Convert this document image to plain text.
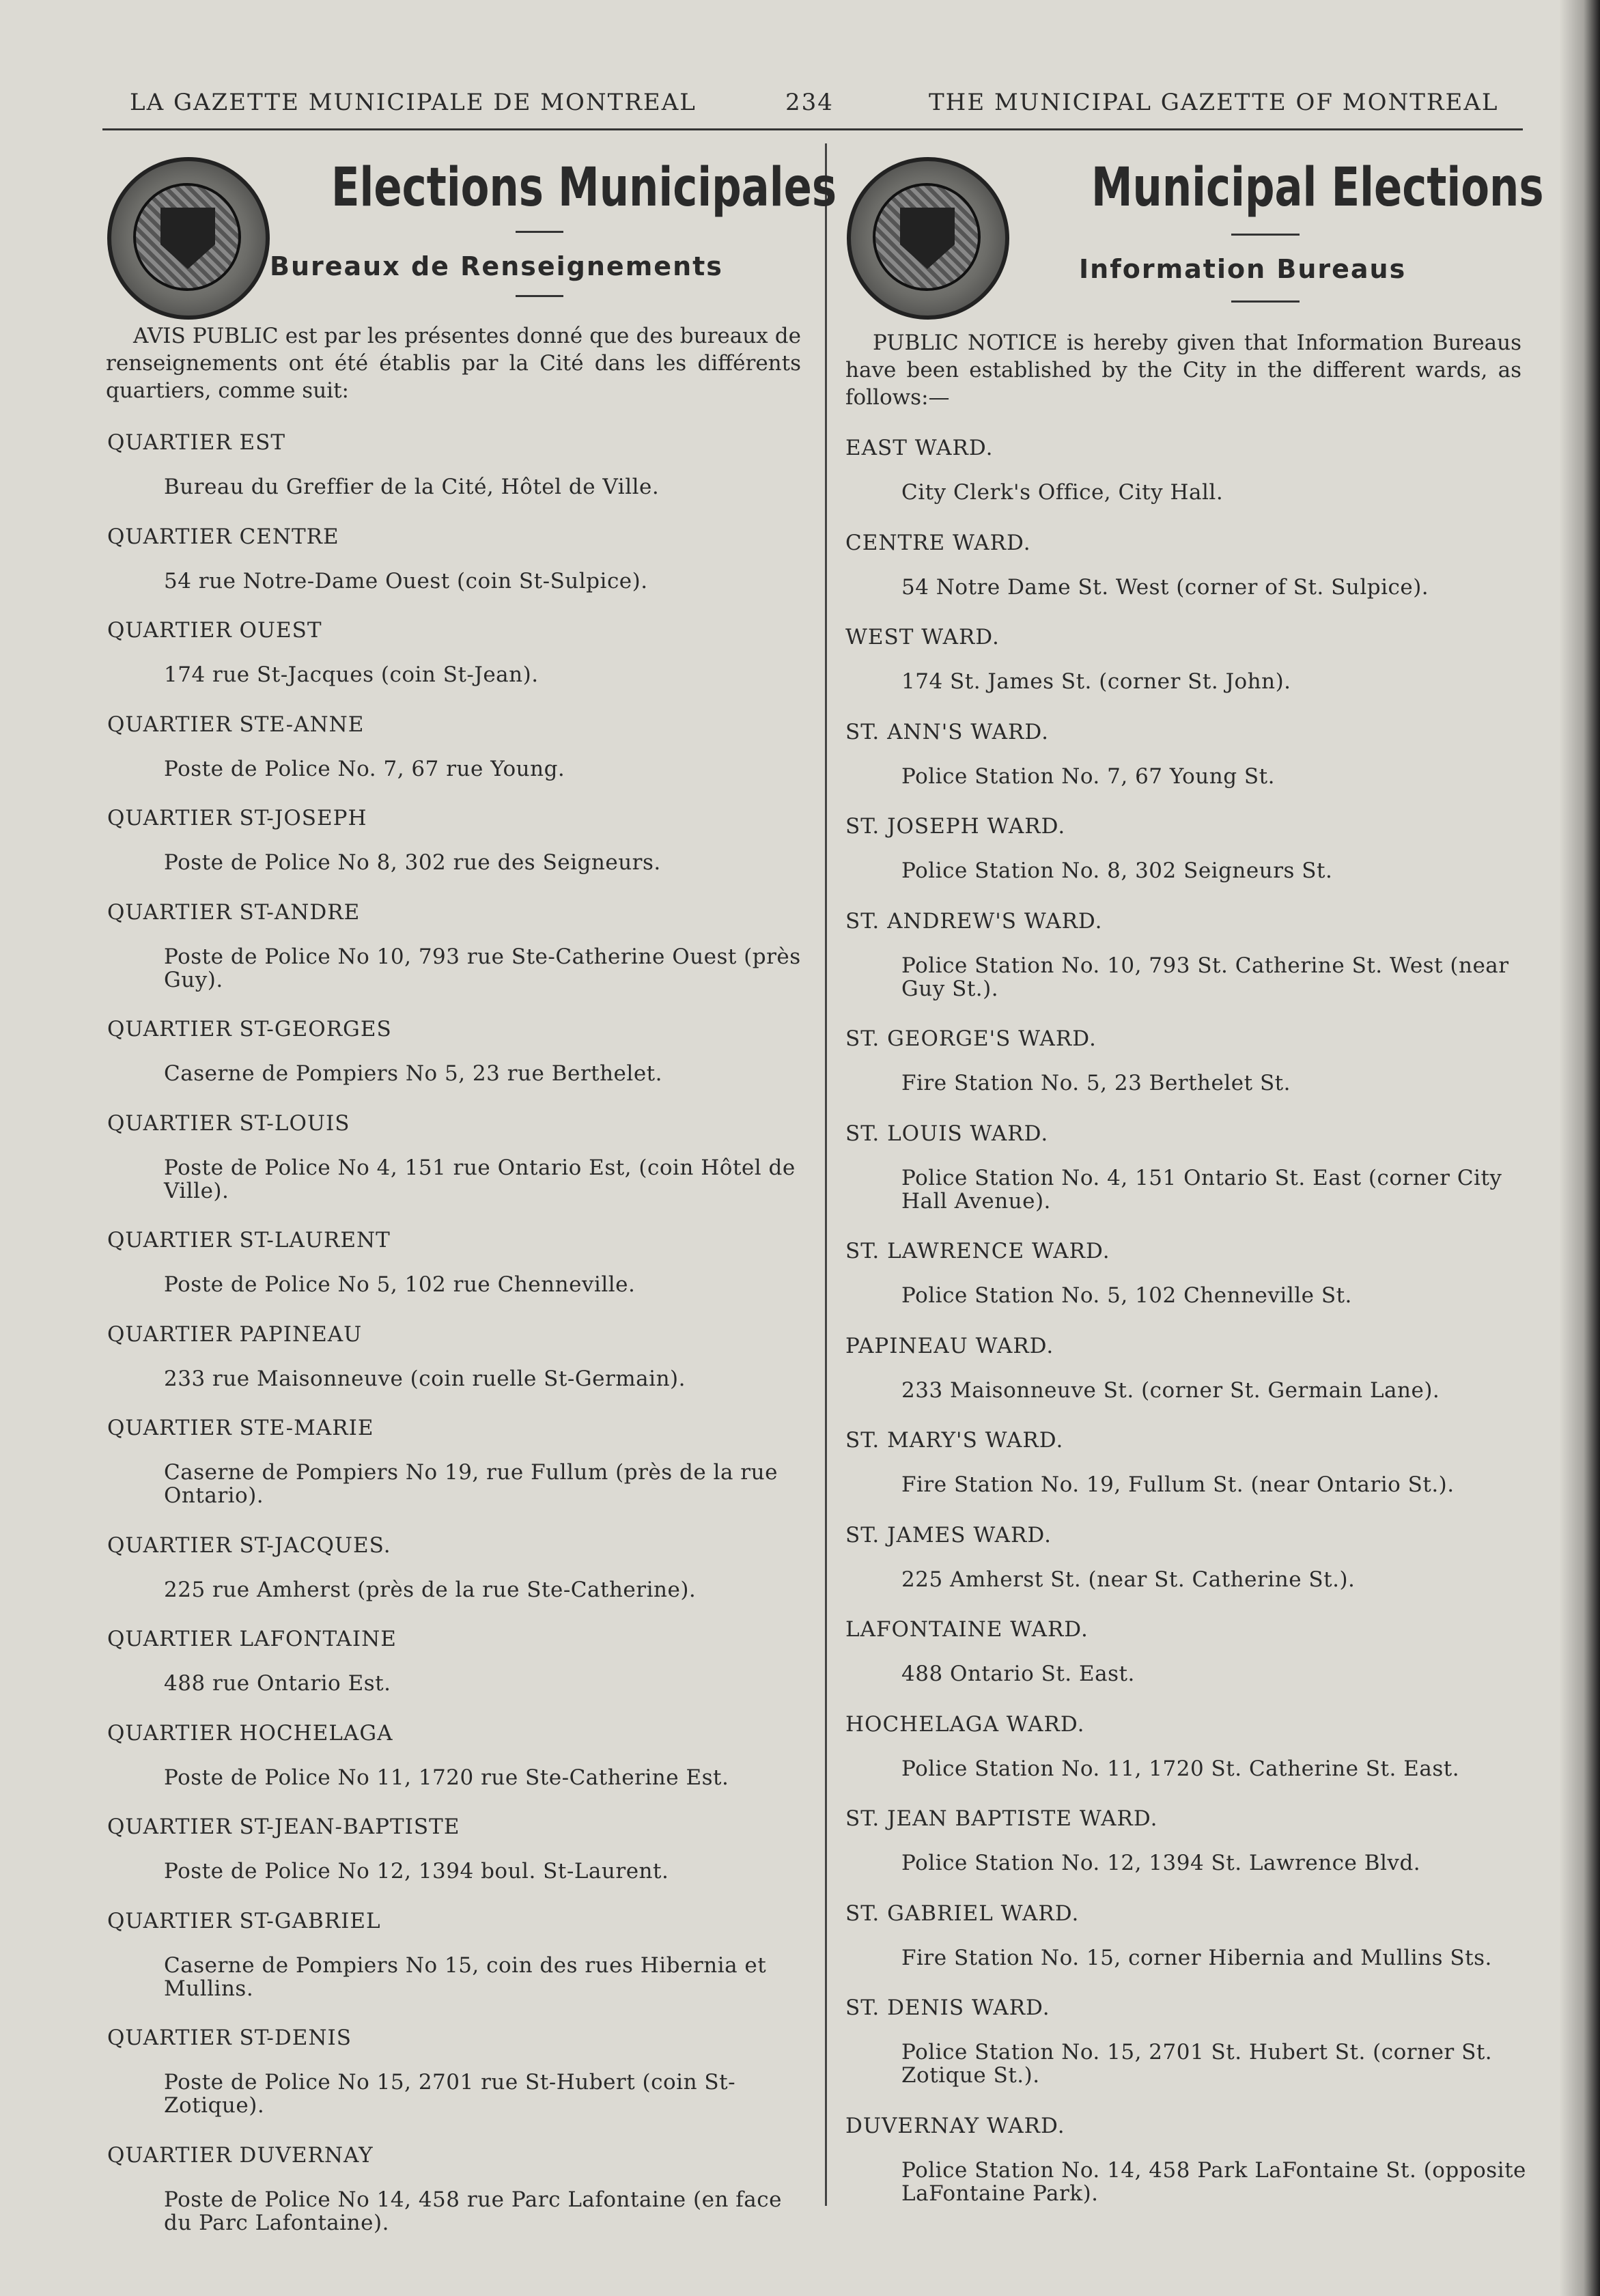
LA GAZETTE MUNICIPALE DE MONTREAL	234	THE MUNICIPAL GAZETTE OF MONTREAL
Elections Municipales
Bureaux de Renseignements
AVIS PUBLIC est par les présentes donné que des bureaux de renseignements ont été établis par la Cité dans les différents quartiers, comme suit:
QUARTIER EST
Bureau du Greffier de la Cité, Hôtel de Ville.
QUARTIER CENTRE
54 rue Notre-Dame Ouest (coin St-Sulpice).
QUARTIER OUEST
174 rue St-Jacques (coin St-Jean).
QUARTIER STE-ANNE
Poste de Police No. 7, 67 rue Young.
QUARTIER ST-JOSEPH
Poste de Police No 8, 302 rue des Seigneurs.
QUARTIER ST-ANDRE
Poste de Police No 10, 793 rue Ste-Catherine Ouest (près Guy).
QUARTIER ST-GEORGES
Caserne de Pompiers No 5, 23 rue Berthelet.
QUARTIER ST-LOUIS
Poste de Police No 4, 151 rue Ontario Est, (coin Hôtel de Ville).
QUARTIER ST-LAURENT
Poste de Police No 5, 102 rue Chenneville.
QUARTIER PAPINEAU
233 rue Maisonneuve (coin ruelle St-Germain).
QUARTIER STE-MARIE
Caserne de Pompiers No 19, rue Fullum (près de la rue Ontario).
QUARTIER ST-JACQUES.
225 rue Amherst (près de la rue Ste-Catherine).
QUARTIER LAFONTAINE
488 rue Ontario Est.
QUARTIER HOCHELAGA
Poste de Police No 11, 1720 rue Ste-Catherine Est.
QUARTIER ST-JEAN-BAPTISTE
Poste de Police No 12, 1394 boul. St-Laurent.
QUARTIER ST-GABRIEL
Caserne de Pompiers No 15, coin des rues Hibernia et Mullins.
QUARTIER ST-DENIS
Poste de Police No 15, 2701 rue St-Hubert (coin St-Zotique).
QUARTIER DUVERNAY
Poste de Police No 14, 458 rue Parc Lafontaine (en face du Parc Lafontaine).
Municipal Elections
Information Bureaus
PUBLIC NOTICE is hereby given that Information Bureaus have been established by the City in the different wards, as follows:—
EAST WARD.
City Clerk's Office, City Hall.
CENTRE WARD.
54 Notre Dame St. West (corner of St. Sulpice).
WEST WARD.
174 St. James St. (corner St. John).
ST. ANN'S WARD.
Police Station No. 7, 67 Young St.
ST. JOSEPH WARD.
Police Station No. 8, 302 Seigneurs St.
ST. ANDREW'S WARD.
Police Station No. 10, 793 St. Catherine St. West (near Guy St.).
ST. GEORGE'S WARD.
Fire Station No. 5, 23 Berthelet St.
ST. LOUIS WARD.
Police Station No. 4, 151 Ontario St. East (corner City Hall Avenue).
ST. LAWRENCE WARD.
Police Station No. 5, 102 Chenneville St.
PAPINEAU WARD.
233 Maisonneuve St. (corner St. Germain Lane).
ST. MARY'S WARD.
Fire Station No. 19, Fullum St. (near Ontario St.).
ST. JAMES WARD.
225 Amherst St. (near St. Catherine St.).
LAFONTAINE WARD.
488 Ontario St. East.
HOCHELAGA WARD.
Police Station No. 11, 1720 St. Catherine St. East.
ST. JEAN BAPTISTE WARD.
Police Station No. 12, 1394 St. Lawrence Blvd.
ST. GABRIEL WARD.
Fire Station No. 15, corner Hibernia and Mullins Sts.
ST. DENIS WARD.
Police Station No. 15, 2701 St. Hubert St. (corner St. Zotique St.).
DUVERNAY WARD.
Police Station No. 14, 458 Park LaFontaine St. (opposite LaFontaine Park).
